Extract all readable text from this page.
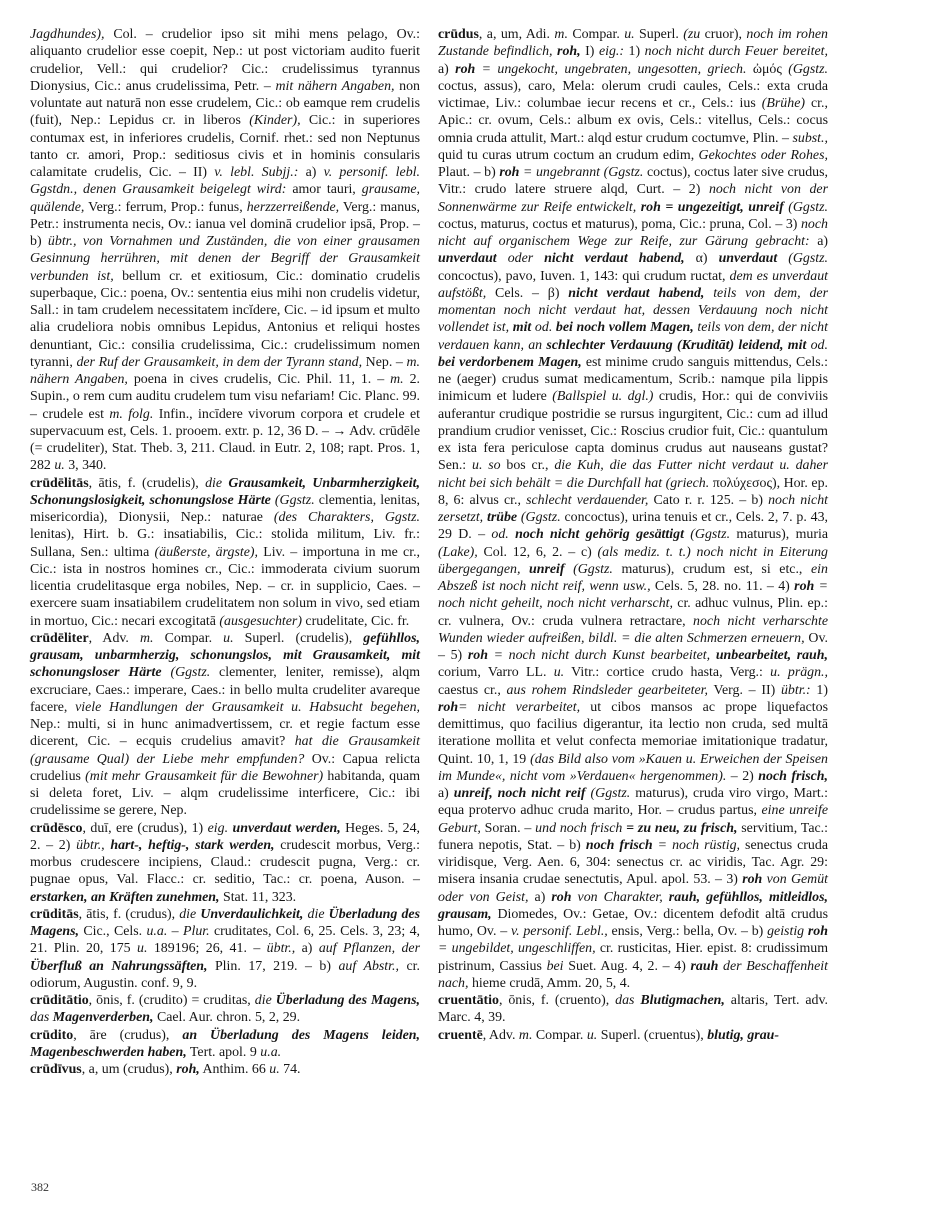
Jagdhundes), Col. – crudelior ipso sit mihi mens pelago, Ov.: aliquanto crudelior esse coepit, Nep.: ut post victoriam audito fuerit crudelior, Vell.: qui crudelior? Cic.: crudelissimus tyrannus Dionysius, Cic.: anus crudelissima, Petr. – mit nähern Angaben, non voluntate aut naturā non esse crudelem, Cic.: ob eamque rem crudelis (fuit), Nep.: Lepidus cr. in liberos (Kinder), Cic.: in superiores contumax est, in inferiores crudelis, Cornif. rhet.: sed non Neptunus tanto cr. amori, Prop.: seditiosus civis et in hominis consularis calamitate crudelis, Cic. – II) v. lebl. Subjj.: a) v. personif. lebl. Ggstdn., denen Grausamkeit beigelegt wird: amor tauri, grausame, quälende, Verg.: ferrum, Prop.: funus, herzzerreißende, Verg.: manus, Petr.: instrumenta necis, Ov.: ianua vel dominā crudelior ipsā, Prop. – b) übtr., von Vornahmen und Zuständen, die von einer grausamen Gesinnung herrühren, mit denen der Begriff der Grausamkeit verbunden ist, bellum cr. et exitiosum, Cic.: dominatio crudelis superbaque, Cic.: poena, Ov.: sententia eius mihi non crudelis videtur, Sall.: in tam crudelem necessitatem incĭdere, Cic. – id ipsum et multo alia crudeliora nobis omnibus Lepidus, Antonius et reliqui hostes denuntiant, Cic.: consilia crudelissima, Cic.: crudelissimum nomen tyranni, der Ruf der Grausamkeit, in dem der Tyrann stand, Nep. – m. nähern Angaben, poena in cives crudelis, Cic. Phil. 11, 1. – m. 2. Supin., o rem cum auditu crudelem tum visu nefariam! Cic. Planc. 99. – crudele est m. folg. Infin., incīdere vivorum corpora et crudele et supervacuum est, Cels. 1. prooem. extr. p. 12, 36 D. – → Adv. crūdēle (= crudeliter), Stat. Theb. 3, 211. Claud. in Eutr. 2, 108; rapt. Pros. 1, 282 u. 3, 340.

crūdēlitās, ātis, f. (crudelis), die Grausamkeit, Unbarmherzigkeit, Schonungslosigkeit, schonungslose Härte (Ggstz. clementia, lenitas, misericordia), Dionysii, Nep.: naturae (des Charakters, Ggstz. lenitas), Hirt. b. G.: insatiabilis, Cic.: stolida militum, Liv. fr.: Sullana, Sen.: ultima (äußerste, ärgste), Liv. – importuna in me cr., Cic.: ista in nostros homines cr., Cic.: immoderata civium suorum licentia crudelitasque erga nobiles, Nep. – cr. in supplicio, Caes. – exercere suam insatiabilem crudelitatem non solum in vivo, sed etiam in mortuo, Cic.: necari excogitatā (ausgesuchter) crudelitate, Cic. fr.

crūdēliter, Adv. m. Compar. u. Superl. (crudelis), gefühllos, grausam, unbarmherzig, schonungslos, mit Grausamkeit, mit schonungsloser Härte (Ggstz. clementer, leniter, remisse), alqm excruciare, Caes.: imperare, Caes.: in bello multa crudeliter avareque facere, viele Handlungen der Grausamkeit u. Habsucht begehen, Nep.: multi, si in hunc animadvertissem, cr. et regie factum esse dicerent, Cic. – ecquis crudelius amavit? hat die Grausamkeit (grausame Qual) der Liebe mehr empfunden? Ov.: Capua relicta crudelius (mit mehr Grausamkeit für die Bewohner) habitanda, quam si deleta foret, Liv. – alqm crudelissime interficere, Cic.: ibi crudelissime se gerere, Nep.

crūdēsco, duī, ere (crudus), 1) eig. unverdaut werden, Heges. 5, 24, 2. – 2) übtr., hart-, heftig-, stark werden, crudescit morbus, Verg.: morbus crudescere incipiens, Claud.: crudescit pugna, Verg.: cr. pugnae opus, Val. Flacc.: cr. seditio, Tac.: cr. poena, Auson. – erstarken, an Kräften zunehmen, Stat. 11, 323.

crūditās, ātis, f. (crudus), die Unverdaulichkeit, die Überladung des Magens, Cic., Cels. u.a. – Plur. cruditates, Col. 6, 25. Cels. 3, 23; 4, 21. Plin. 20, 175 u. 189196; 26, 41. – übtr., a) auf Pflanzen, der Überfluß an Nahrungssäften, Plin. 17, 219. – b) auf Abstr., cr. odiorum, Augustin. conf. 9, 9.

crūditātio, ōnis, f. (crudito) = cruditas, die Überladung des Magens, das Magenverderben, Cael. Aur. chron. 5, 2, 29.

crūdito, āre (crudus), an Überladung des Magens leiden, Magenbeschwerden haben, Tert. apol. 9 u.a.

crūdīvus, a, um (crudus), roh, Anthim. 66 u. 74.

crūdus, a, um, Adi. m. Compar. u. Superl. (zu cruor), noch im rohen Zustande befindlich, roh, I) eig.: 1) noch nicht durch Feuer bereitet, a) roh = ungekocht, ungebraten, ungesotten, griech. ὠμός (Ggstz. coctus, assus), caro, Mela: olerum crudi caules, Cels.: exta cruda victimae, Liv.: columbae iecur recens et cr., Cels.: ius (Brühe) cr., Apic.: cr. ovum, Cels.: album ex ovis, Cels.: vitellus, Cels.: cocus omnia cruda attulit, Mart.: alqd estur crudum coctumve, Plin. – subst., quid tu curas utrum coctum an crudum edim, Gekochtes oder Rohes, Plaut. – b) roh = ungebrannt (Ggstz. coctus), coctus later sive crudus, Vitr.: crudo latere struere alqd, Curt. – 2) noch nicht von der Sonnenwärme zur Reife entwickelt, roh = ungezeitigt, unreif (Ggstz. coctus, maturus, coctus et maturus), poma, Cic.: pruna, Col. – 3) noch nicht auf organischem Wege zur Reife, zur Gärung gebracht: a) unverdaut oder nicht verdaut habend, α) unverdaut (Ggstz. concoctus), pavo, Iuven. 1, 143: qui crudum ructat, dem es unverdaut aufstößt, Cels. – β) nicht verdaut habend, teils von dem, der momentan noch nicht verdaut hat, dessen Verdauung noch nicht vollendet ist, mit od. bei noch vollem Magen, teils von dem, der nicht verdauen kann, an schlechter Verdauung (Kruditāt) leidend, mit od. bei verdorbenem Magen, est minime crudo sanguis mittendus, Cels.: ne (aeger) crudus sumat medicamentum, Scrib.: namque pila lippis inimicum et ludere (Ballspiel u. dgl.) crudis, Hor.: qui de conviviis auferantur crudique postridie se rursus ingurgitent, Cic.: cum ad illud prandium crudior venisset, Cic.: Roscius crudior fuit, Cic.: quantulum ex ista fera periculose capta dominus crudus aut nauseans gustat? Sen.: u. so bos cr., die Kuh, die das Futter nicht verdaut u. daher nicht bei sich behält = die Durchfall hat (griech. πολύχεσος), Hor. ep. 8, 6: alvus cr., schlecht verdauender, Cato r. r. 125. – b) noch nicht zersetzt, trübe (Ggstz. concoctus), urina tenuis et cr., Cels. 2, 7. p. 43, 29 D. – od. noch nicht gehörig gesättigt (Ggstz. maturus), muria (Lake), Col. 12, 6, 2. – c) (als mediz. t. t.) noch nicht in Eiterung übergegangen, unreif (Ggstz. maturus), crudum est, si etc., ein Abszeß ist noch nicht reif, wenn usw., Cels. 5, 28. no. 11. – 4) roh = noch nicht geheilt, noch nicht verharscht, cr. adhuc vulnus, Plin. ep.: cr. vulnera, Ov.: cruda vulnera retractare, noch nicht verharschte Wunden wieder aufreißen, bildl. = die alten Schmerzen erneuern, Ov. – 5) roh = noch nicht durch Kunst bearbeitet, unbearbeitet, rauh, corium, Varro LL. u. Vitr.: cortice crudo hasta, Verg.: u. prägn., caestus cr., aus rohem Rindsleder gearbeiteter, Verg. – II) übtr.: 1) roh= nicht verarbeitet, ut cibos mansos ac prope liquefactos demittimus, quo facilius digerantur, ita lectio non cruda, sed multā iteratione mollita et velut confecta memoriae imitationique tradatur, Quint. 10, 1, 19 (das Bild also vom »Kauen u. Erweichen der Speisen im Munde«, nicht vom »Verdauen« hergenommen). – 2) noch frisch, a) unreif, noch nicht reif (Ggstz. maturus), cruda viro virgo, Mart.: equa protervo adhuc cruda marito, Hor. – crudus partus, eine unreife Geburt, Soran. – und noch frisch = zu neu, zu frisch, servitium, Tac.: funera nepotis, Stat. – b) noch frisch = noch rüstig, senectus cruda viridisque, Verg. Aen. 6, 304: senectus cr. ac viridis, Tac. Agr. 29: misera insania crudae senectutis, Apul. apol. 53. – 3) roh von Gemüt oder von Geist, a) roh von Charakter, rauh, gefühllos, mitleidlos, grausam, Diomedes, Ov.: Getae, Ov.: dicentem defodit altā crudus humo, Ov. – v. personif. Lebl., ensis, Verg.: bella, Ov. – b) geistig roh = ungebildet, ungeschliffen, cr. rusticitas, Hier. epist. 8: crudissimum pistrinum, Cassius bei Suet. Aug. 4, 2. – 4) rauh der Beschaffenheit nach, hieme crudā, Amm. 20, 5, 4.

cruentātio, ōnis, f. (cruento), das Blutigmachen, altaris, Tert. adv. Marc. 4, 39.

cruentē, Adv. m. Compar. u. Superl. (cruentus), blutig, grau-

382
